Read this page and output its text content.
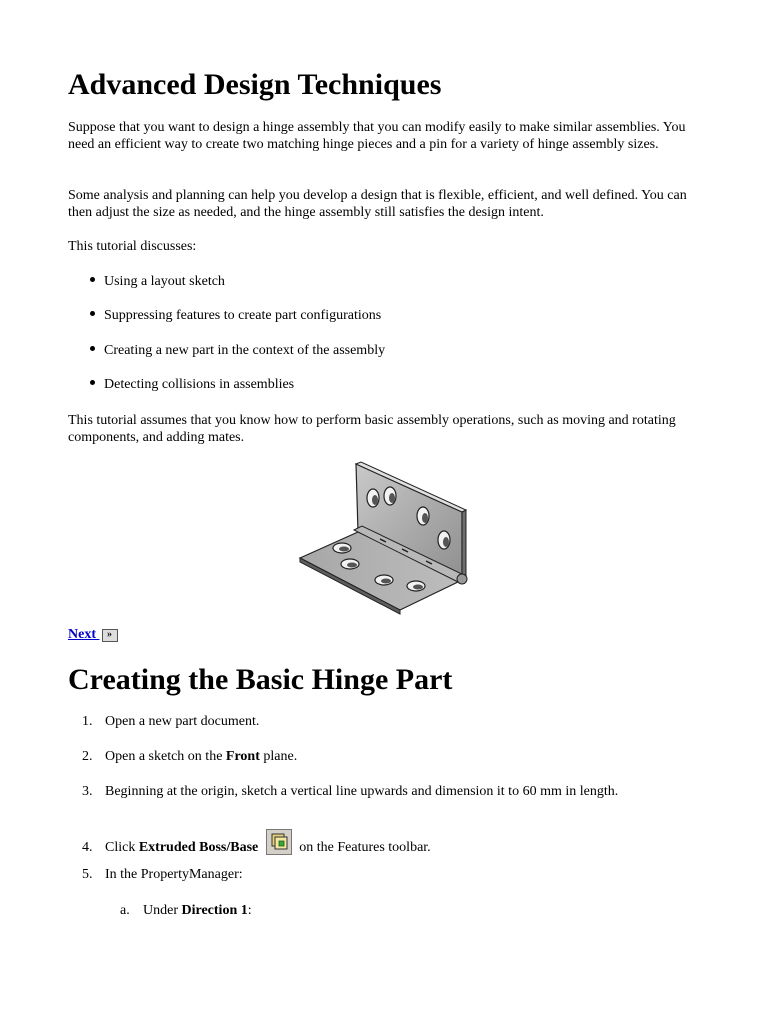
Advanced Design Techniques

Suppose that you want to design a hinge assembly that you can modify easily to make similar assemblies. You need an efficient way to create two matching hinge pieces and a pin for a variety of hinge assembly sizes.

Some analysis and planning can help you develop a design that is flexible, efficient, and well defined. You can then adjust the size as needed, and the hinge assembly still satisfies the design intent.

This tutorial discusses:

Using a layout sketch
Suppressing features to create part configurations
Creating a new part in the context of the assembly
Detecting collisions in assemblies

This tutorial assumes that you know how to perform basic assembly operations, such as moving and rotating components, and adding mates.

Next »
Creating the Basic Hinge Part
1. Open a new part document.
2. Open a sketch on the Front plane.
3. Beginning at the origin, sketch a vertical line upwards and dimension it to 60 mm in length.
4. Click Extruded Boss/Base	on the Features toolbar.
5. In the PropertyManager:
a. Under Direction 1:
